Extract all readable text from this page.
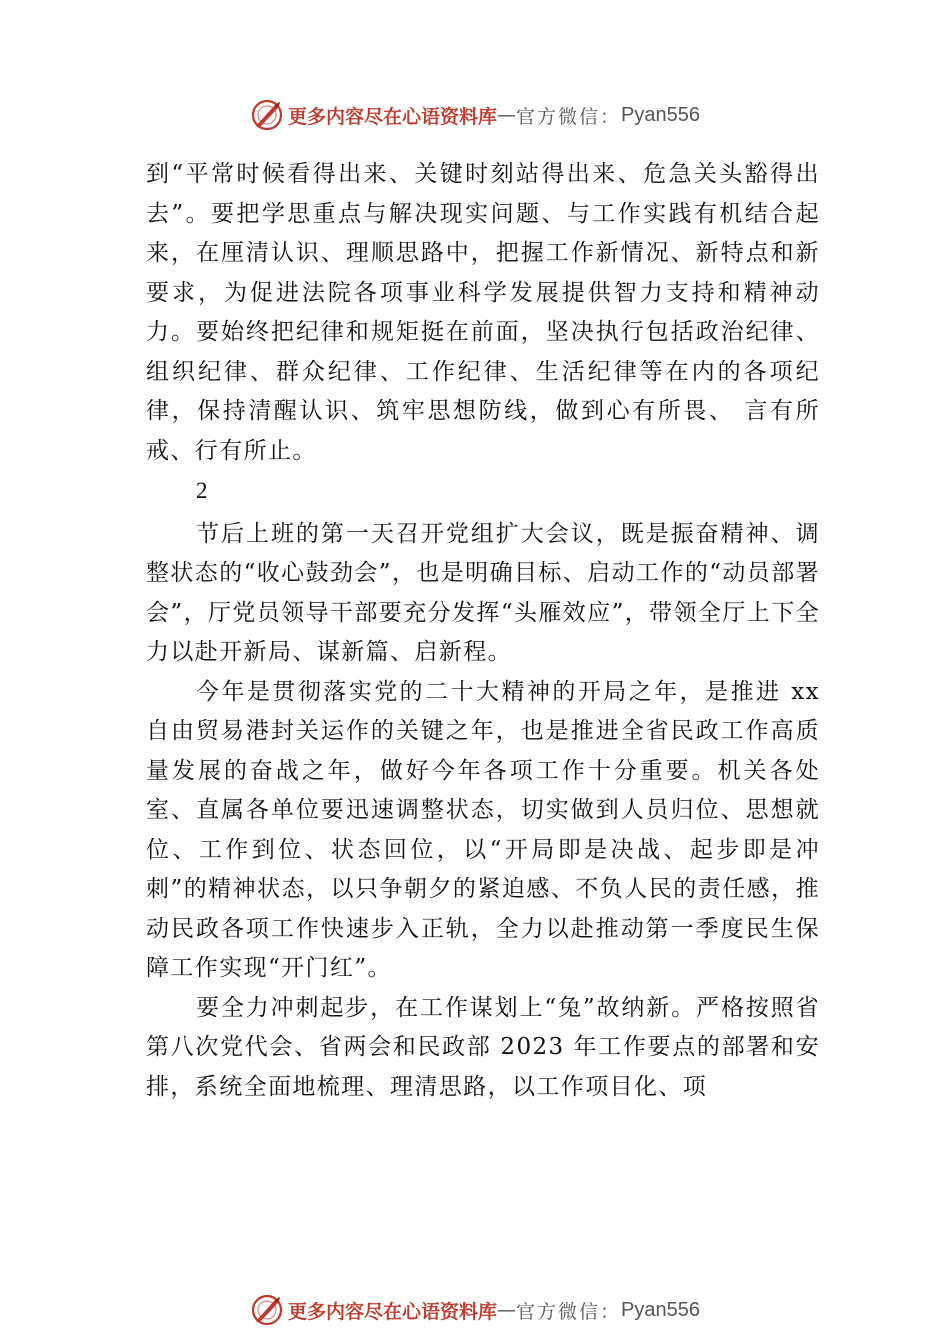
更多内容尽在心语资料库 — 官方微信： Pyan556

到“平常时候看得出来、关键时刻站得出来、危急关头豁得出去”。要把学思重点与解决现实问题、与工作实践有机结合起来，在厘清认识、理顺思路中，把握工作新情况、新特点和新要求，为促进法院各项事业科学发展提供智力支持和精神动力。要始终把纪律和规矩挺在前面，坚决执行包括政治纪律、组织纪律、群众纪律、工作纪律、生活纪律等在内的各项纪律，保持清醒认识、筑牢思想防线，做到心有所畏、 言有所戒、行有所止。

2

节后上班的第一天召开党组扩大会议，既是振奋精神、调整状态的“收心鼓劲会”，也是明确目标、启动工作的“动员部署会”，厅党员领导干部要充分发挥“头雁效应”，带领全厅上下全力以赴开新局、谋新篇、启新程。

今年是贯彻落实党的二十大精神的开局之年，是推进 xx 自由贸易港封关运作的关键之年，也是推进全省民政工作高质量发展的奋战之年，做好今年各项工作十分重要。机关各处室、直属各单位要迅速调整状态，切实做到人员归位、思想就位、工作到位、状态回位，以“开局即是决战、起步即是冲刺”的精神状态，以只争朝夕的紧迫感、不负人民的责任感，推动民政各项工作快速步入正轨，全力以赴推动第一季度民生保障工作实现“开门红”。

要全力冲刺起步，在工作谋划上“兔”故纳新。严格按照省第八次党代会、省两会和民政部 2023 年工作要点的部署和安排，系统全面地梳理、理清思路，以工作项目化、项

更多内容尽在心语资料库 — 官方微信： Pyan556
